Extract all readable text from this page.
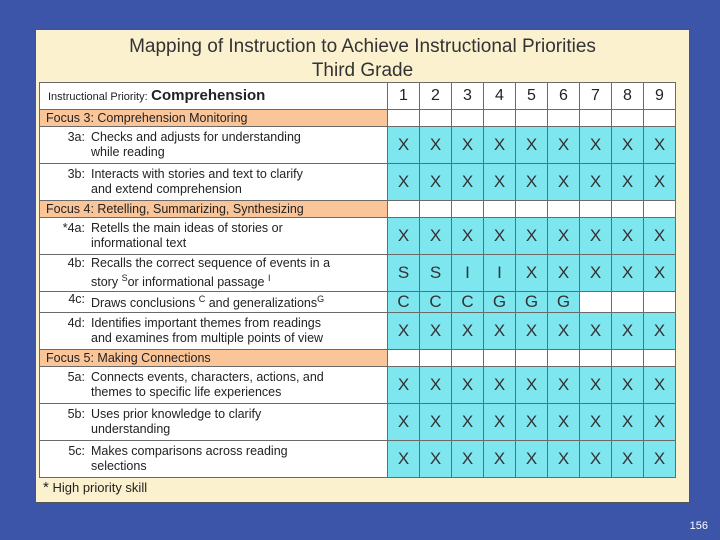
Mapping of Instruction to Achieve Instructional Priorities
Third Grade
Instructional Priority: Comprehension	1	2	3	4	5	6	7	8	9
Focus 3: Comprehension Monitoring									
3a: Checks and adjusts for understanding
while reading	X	X	X	X	X	X	X	X	X
3b: Interacts with stories and text to clarify
and extend comprehension	X	X	X	X	X	X	X	X	X
Focus 4: Retelling, Summarizing, Synthesizing									
*4a: Retells the main ideas of stories or
informational text	X	X	X	X	X	X	X	X	X
4b: Recalls the correct sequence of events in a
story $^S$or informational passage $^I$	S	S	I	I	X	X	X	X	X
4c: Draws conclusions $^C$ and generalizations$^G$	C	C	C	G	G	G			
4d: Identifies important themes from readings
and examines from multiple points of view	X	X	X	X	X	X	X	X	X
Focus 5: Making Connections									
5a: Connects events, characters, actions, and
themes to specific life experiences	X	X	X	X	X	X	X	X	X
5b: Uses prior knowledge to clarify
understanding	X	X	X	X	X	X	X	X	X
5c: Makes comparisons across reading
selections	X	X	X	X	X	X	X	X	X
* High priority skill
156
